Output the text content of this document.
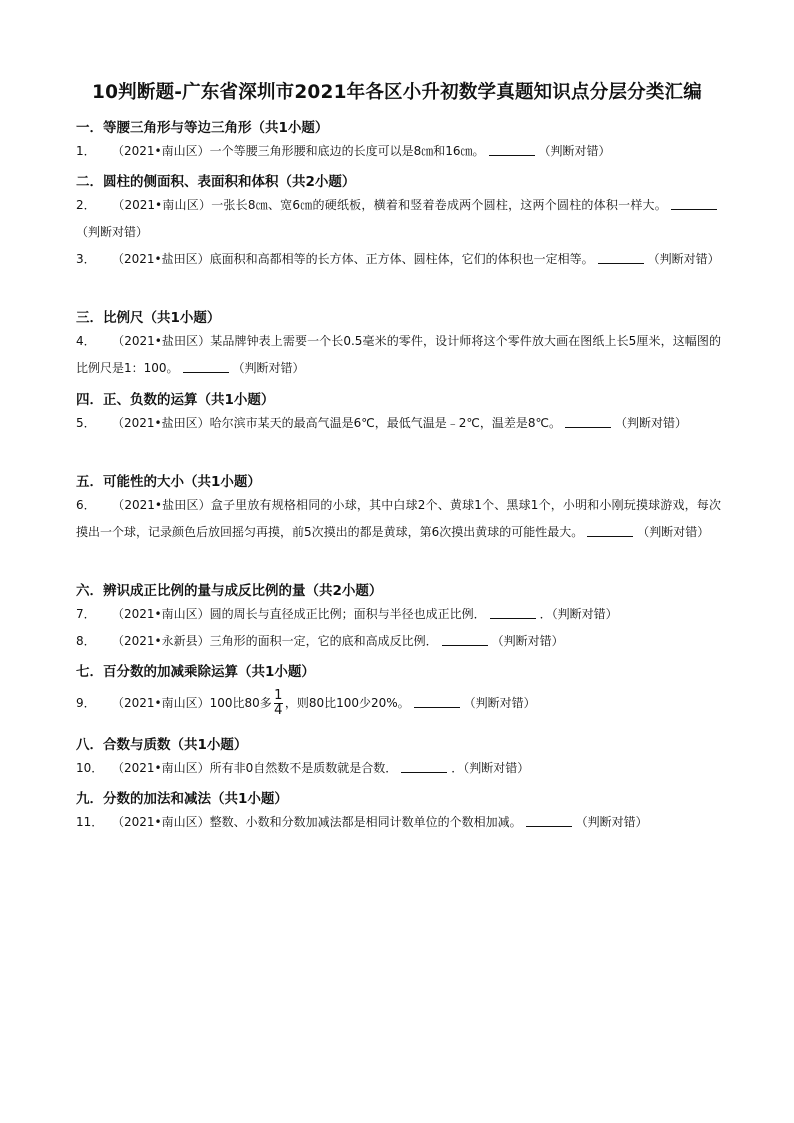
10判断题-广东省深圳市2021年各区小升初数学真题知识点分层分类汇编
一．等腰三角形与等边三角形（共1小题）
1． （2021•南山区）一个等腰三角形腰和底边的长度可以是8㎝和16㎝。	（判断对错）
二．圆柱的侧面积、表面积和体积（共2小题）
2． （2021•南山区）一张长8㎝、宽6㎝的硬纸板，横着和竖着卷成两个圆柱，这两个圆柱的体积一样大。（判断对错）
3． （2021•盐田区）底面积和高都相等的长方体、正方体、圆柱体，它们的体积也一定相等。	（判断对错）
三．比例尺（共1小题）
4． （2021•盐田区）某品牌钟表上需要一个长0.5毫米的零件，设计师将这个零件放大画在图纸上长5厘米，这幅图的比例尺是1：100。	（判断对错）
四．正、负数的运算（共1小题）
5． （2021•盐田区）哈尔滨市某天的最高气温是6℃，最低气温是﹣2℃，温差是8℃。	（判断对错）
五．可能性的大小（共1小题）
6． （2021•盐田区）盒子里放有规格相同的小球，其中白球2个、黄球1个、黑球1个，小明和小刚玩摸球游戏，每次摸出一个球，记录颜色后放回摇匀再摸，前5次摸出的都是黄球，第6次摸出黄球的可能性最大。	（判断对错）
六．辨识成正比例的量与成反比例的量（共2小题）
7． （2021•南山区）圆的周长与直径成正比例；面积与半径也成正比例．	．（判断对错）
8． （2021•永新县）三角形的面积一定，它的底和高成反比例．	（判断对错）
七．百分数的加减乘除运算（共1小题）
9． （2021•南山区）100比80多 $\frac{1}{4}$ ，则80比100少20%。	（判断对错）
八．合数与质数（共1小题）
10． （2021•南山区）所有非0自然数不是质数就是合数．	．（判断对错）
九．分数的加法和减法（共1小题）
11． （2021•南山区）整数、小数和分数加减法都是相同计数单位的个数相加减。	（判断对错）
